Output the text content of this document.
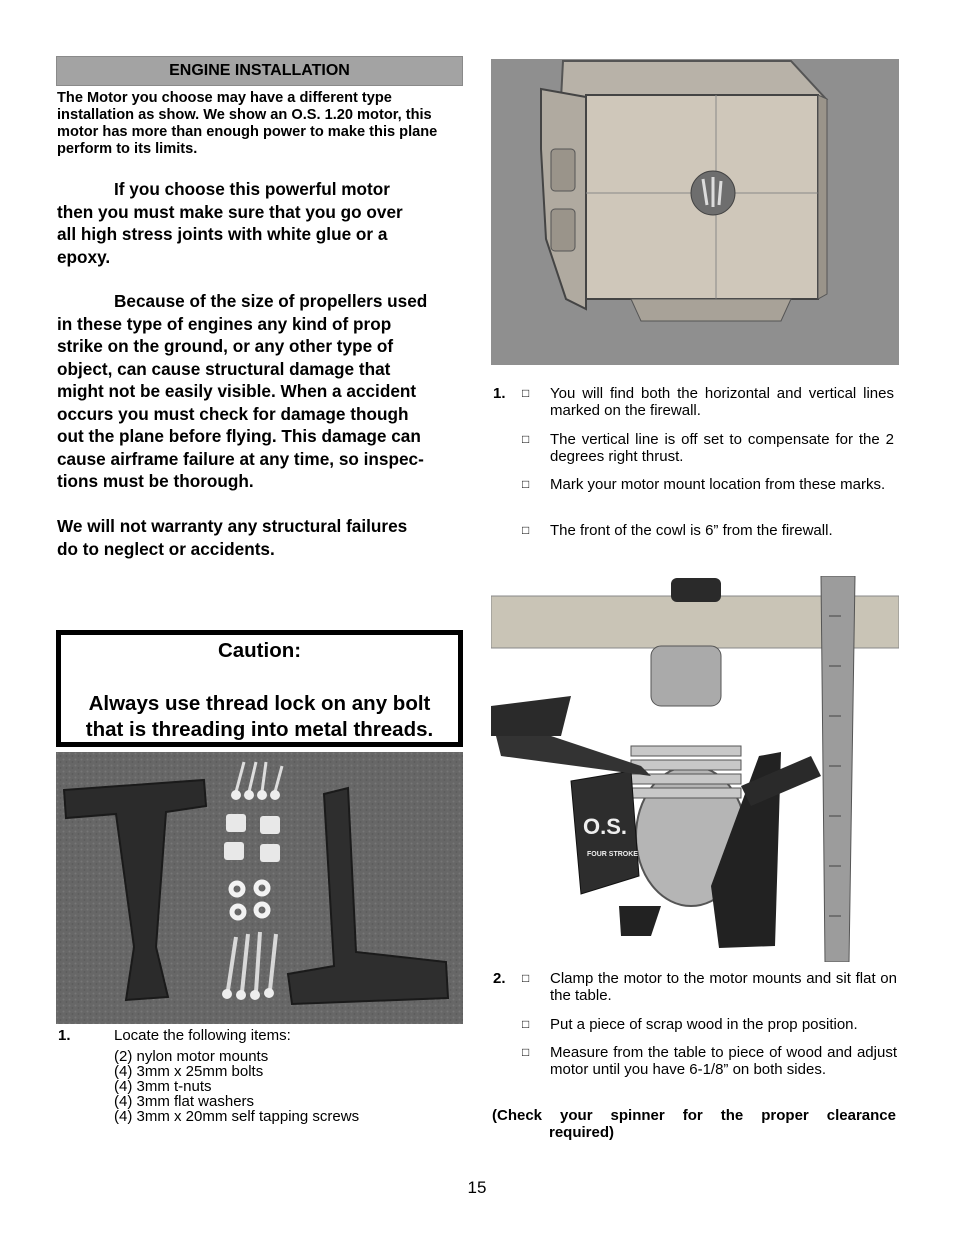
ENGINE INSTALLATION
The Motor you choose may have a different type installation as show. We show an O.S. 1.20 motor, this motor has more than enough power to make this plane perform to its limits.
If you choose this powerful motor
then you must make sure that you go over
all high stress joints with white glue or a
epoxy.
Because of the size of propellers used
in these type of engines any kind of prop
strike on the ground, or any other type of
object, can cause structural damage that
might not be easily visible. When a accident
occurs you must check for damage though
out the plane before flying. This damage can
cause airframe failure at any time, so inspec-
tions must be thorough.
We will not warranty any structural failures
do to neglect or accidents.
Caution:
Always use thread lock on any bolt
that is threading into metal threads.
1.	Locate the following items:
(2) nylon motor mounts
(4) 3mm x 25mm bolts
(4) 3mm t-nuts
(4) 3mm flat washers
(4) 3mm x 20mm self tapping screws
1. □ You will find both the horizontal and vertical lines marked on the firewall.
□ The vertical line is off set to compensate for the 2 degrees right thrust.
□ Mark your motor mount location from these marks.
□ The front of the cowl is 6” from the firewall.
O.S.
FOUR STROKE
2. □ Clamp the motor to the motor mounts and sit flat on the table.
□ Put a piece of scrap wood in the prop position.
□ Measure from the table to piece of wood and adjust motor until you have 6-1/8” on both sides.
(Check your spinner for the proper clearance
required)
15
